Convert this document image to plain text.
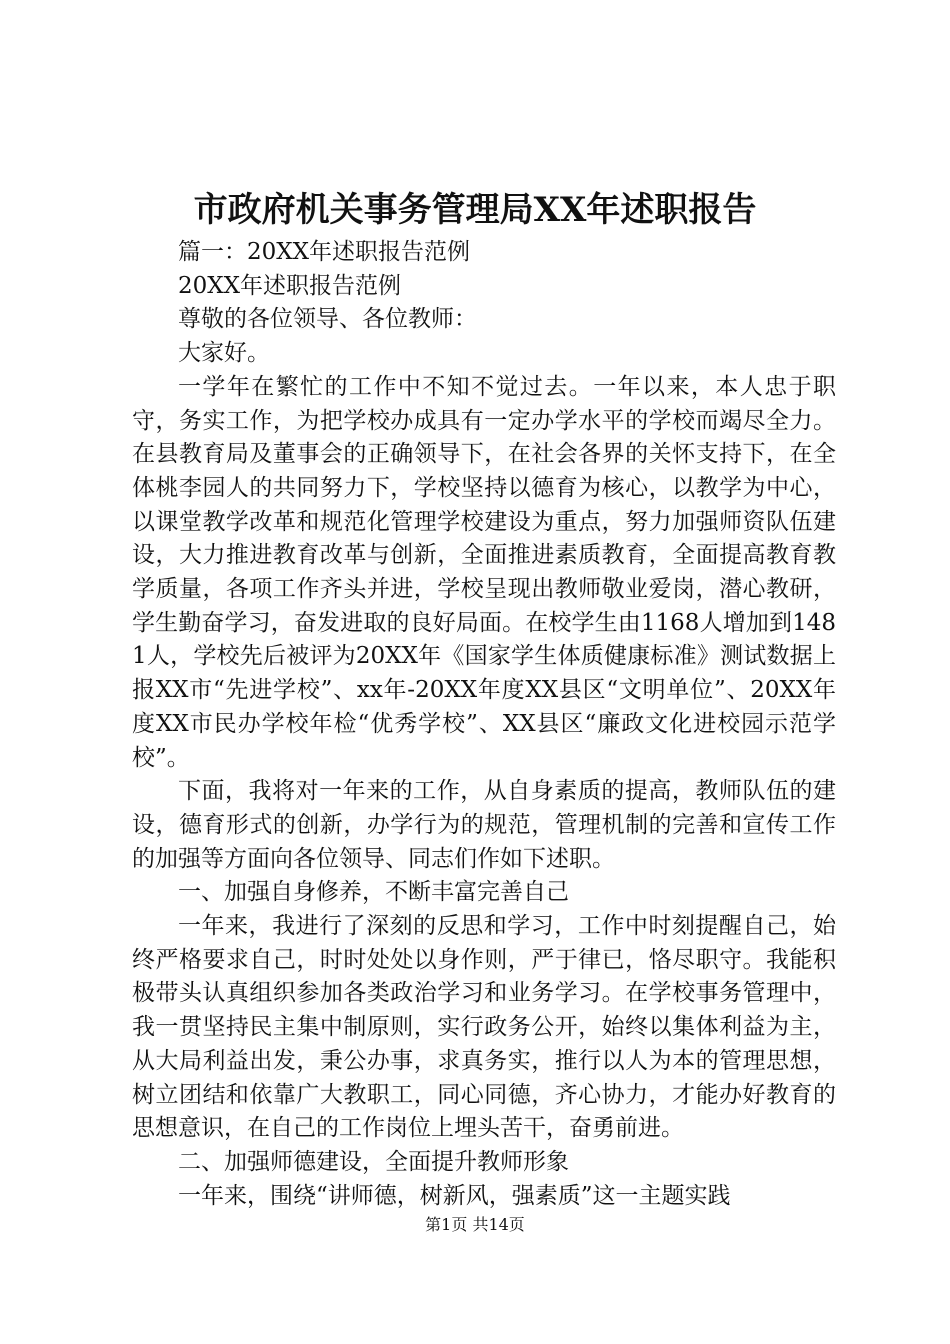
市政府机关事务管理局XX年述职报告

篇一：20XX年述职报告范例

20XX年述职报告范例

尊敬的各位领导、各位教师：

大家好。

一学年在繁忙的工作中不知不觉过去。一年以来，本人忠于职守，务实工作，为把学校办成具有一定办学水平的学校而竭尽全力。在县教育局及董事会的正确领导下，在社会各界的关怀支持下，在全体桃李园人的共同努力下，学校坚持以德育为核心，以教学为中心，以课堂教学改革和规范化管理学校建设为重点，努力加强师资队伍建设，大力推进教育改革与创新，全面推进素质教育，全面提高教育教学质量，各项工作齐头并进，学校呈现出教师敬业爱岗，潜心教研，学生勤奋学习，奋发进取的良好局面。在校学生由1168人增加到1481人，学校先后被评为20XX年《国家学生体质健康标准》测试数据上报XX市“先进学校”、xx年-20XX年度XX县区“文明单位”、20XX年度XX市民办学校年检“优秀学校”、XX县区“廉政文化进校园示范学校”。

下面，我将对一年来的工作，从自身素质的提高，教师队伍的建设，德育形式的创新，办学行为的规范，管理机制的完善和宣传工作的加强等方面向各位领导、同志们作如下述职。

一、加强自身修养，不断丰富完善自己

一年来，我进行了深刻的反思和学习，工作中时刻提醒自己，始终严格要求自己，时时处处以身作则，严于律已，恪尽职守。我能积极带头认真组织参加各类政治学习和业务学习。在学校事务管理中，我一贯坚持民主集中制原则，实行政务公开，始终以集体利益为主，从大局利益出发，秉公办事，求真务实，推行以人为本的管理思想，树立团结和依靠广大教职工，同心同德，齐心协力，才能办好教育的思想意识，在自己的工作岗位上埋头苦干，奋勇前进。

二、加强师德建设，全面提升教师形象

一年来，围绕“讲师德，树新风，强素质”这一主题实践

第1页 共14页
